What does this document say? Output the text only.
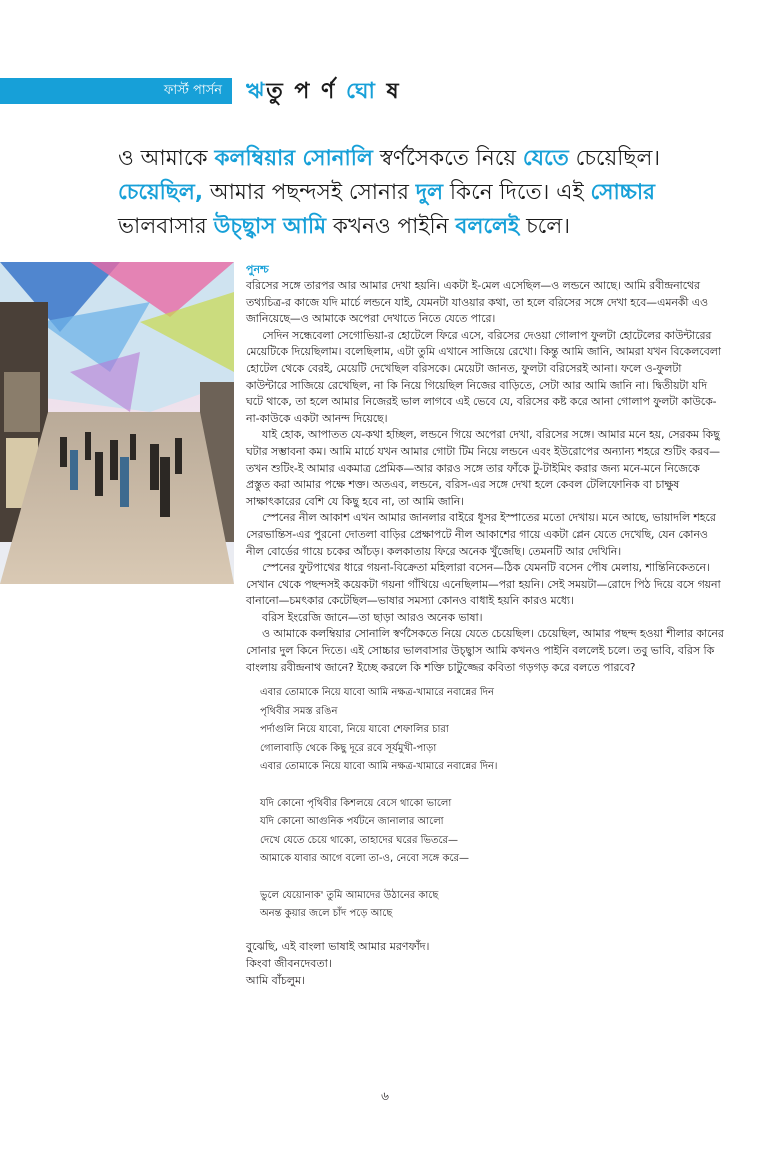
ফার্স্ট পার্সন ঋতু প র্ণ ঘো ষ
ও আমাকে কলম্বিয়ার সোনালি স্বর্ণসৈকতে নিয়ে যেতে চেয়েছিল। চেয়েছিল, আমার পছন্দসই সোনার দুল কিনে দিতে। এই সোচ্চার ভালবাসার উচ্ছ্বাস আমি কখনও পাইনি বললেই চলে।
পুনশ্চ

বরিসের সঙ্গে তারপর আর আমার দেখা হয়নি। একটা ই-মেল এসেছিল—ও লন্ডনে আছে। আমি রবীন্দ্রনাথের তথ্যচিত্র-র কাজে যদি মার্চে লন্ডনে যাই, যেমনটা যাওয়ার কথা, তা হলে বরিসের সঙ্গে দেখা হবে—এমনকী এও জানিয়েছে—ও আমাকে অপেরা দেখাতে নিতে যেতে পারে।

সেদিন সন্ধেবেলা সেগোভিয়া-র হোটেলে ফিরে এসে, বরিসের দেওয়া গোলাপ ফুলটা হোটেলের কাউন্টারের মেয়েটিকে দিয়েছিলাম। বলেছিলাম, এটা তুমি এখানে সাজিয়ে রেখো। কিন্তু আমি জানি, আমরা যখন বিকেলবেলা হোটেল থেকে বেরই, মেয়েটি দেখেছিল বরিসকে। মেয়েটা জানত, ফুলটা বরিসেরই আনা। ফলে ও-ফুলটা কাউন্টারে সাজিয়ে রেখেছিল, না কি নিয়ে গিয়েছিল নিজের বাড়িতে, সেটা আর আমি জানি না। দ্বিতীয়টা যদি ঘটে থাকে, তা হলে আমার নিজেরই ভাল লাগবে এই ভেবে যে, বরিসের কষ্ট করে আনা গোলাপ ফুলটা কাউকে-না-কাউকে একটা আনন্দ দিয়েছে।

যাই হোক, আপাতত যে-কথা হচ্ছিল, লন্ডনে গিয়ে অপেরা দেখা, বরিসের সঙ্গে। আমার মনে হয়, সেরকম কিছু ঘটার সম্ভাবনা কম। আমি মার্চে যখন আমার গোটা টিম নিয়ে লন্ডনে এবং ইউরোপের অন্যান্য শহরে শুটিং করব—তখন শুটিং-ই আমার একমাত্র প্রেমিক—আর কারও সঙ্গে তার ফাঁকে টু-টাইমিং করার জন্য মনে-মনে নিজেকে প্রস্তুত করা আমার পক্ষে শক্ত। অতএব, লন্ডনে, বরিস-এর সঙ্গে দেখা হলে কেবল টেলিফোনিক বা চাক্ষুষ সাক্ষাৎকারের বেশি যে কিছু হবে না, তা আমি জানি।

স্পেনের নীল আকাশ এখন আমার জানলার বাইরে ধূসর ইস্পাতের মতো দেখায়। মনে আছে, ভায়াদলি শহরে সেরভান্তিস-এর পুরনো দোতলা বাড়ির প্রেক্ষাপটে নীল আকাশের গায়ে একটা প্লেন যেতে দেখেছি, যেন কোনও নীল বোর্ডের গায়ে চকের আঁচড়। কলকাতায় ফিরে অনেক খুঁজেছি। তেমনটি আর দেখিনি।

স্পেনের ফুটপাথের ধারে গয়না-বিক্রেতা মহিলারা বসেন—ঠিক যেমনটি বসেন পৌষ মেলায়, শান্তিনিকেতনে। সেখান থেকে পছন্দসই কয়েকটা গয়না গাঁথিয়ে এনেছিলাম—পরা হয়নি। সেই সময়টা—রোদে পিঠ দিয়ে বসে গয়না বানানো—চমৎকার কেটেছিল—ভাষার সমস্যা কোনও বাধাই হয়নি কারও মধ্যে।

বরিস ইংরেজি জানে—তা ছাড়া আরও অনেক ভাষা।

ও আমাকে কলম্বিয়ার সোনালি স্বর্ণসৈকতে নিয়ে যেতে চেয়েছিল। চেয়েছিল, আমার পছন্দ হওয়া শীলার কানের সোনার দুল কিনে দিতে। এই সোচ্চার ভালবাসার উচ্ছ্বাস আমি কখনও পাইনি বললেই চলে। তবু ভাবি, বরিস কি বাংলায় রবীন্দ্রনাথ জানে? ইচ্ছে করলে কি শক্তি চাটুজ্জের কবিতা গড়গড় করে বলতে পারবে?

এবার তোমাকে নিয়ে যাবো আমি নক্ষত্র-খামারে নবান্নের দিন
পৃথিবীর সমস্ত রঙিন
পর্দাগুলি নিয়ে যাবো, নিয়ে যাবো শেফালির চারা
গোলাবাড়ি থেকে কিছু দূরে রবে সূর্যমুখী-পাড়া
এবার তোমাকে নিয়ে যাবো আমি নক্ষত্র-খামারে নবান্নের দিন।
যদি কোনো পৃথিবীর কিশলয়ে বেসে থাকো ভালো
যদি কোনো আগুনিক পর্যটনে জানালার আলো
দেখে যেতে চেয়ে থাকো, তাহাদের ঘরের ভিতরে—
আমাকে যাবার আগে বলো তা-ও, নেবো সঙ্গে করে—
ভুলে যেয়োনাক' তুমি আমাদের উঠানের কাছে
অনন্ত কুয়ার জলে চাঁদ পড়ে আছে
বুঝেছি, এই বাংলা ভাষাই আমার মরণফাঁদ।
কিংবা জীবনদেবতা।
আমি বাঁচলুম।
৬
